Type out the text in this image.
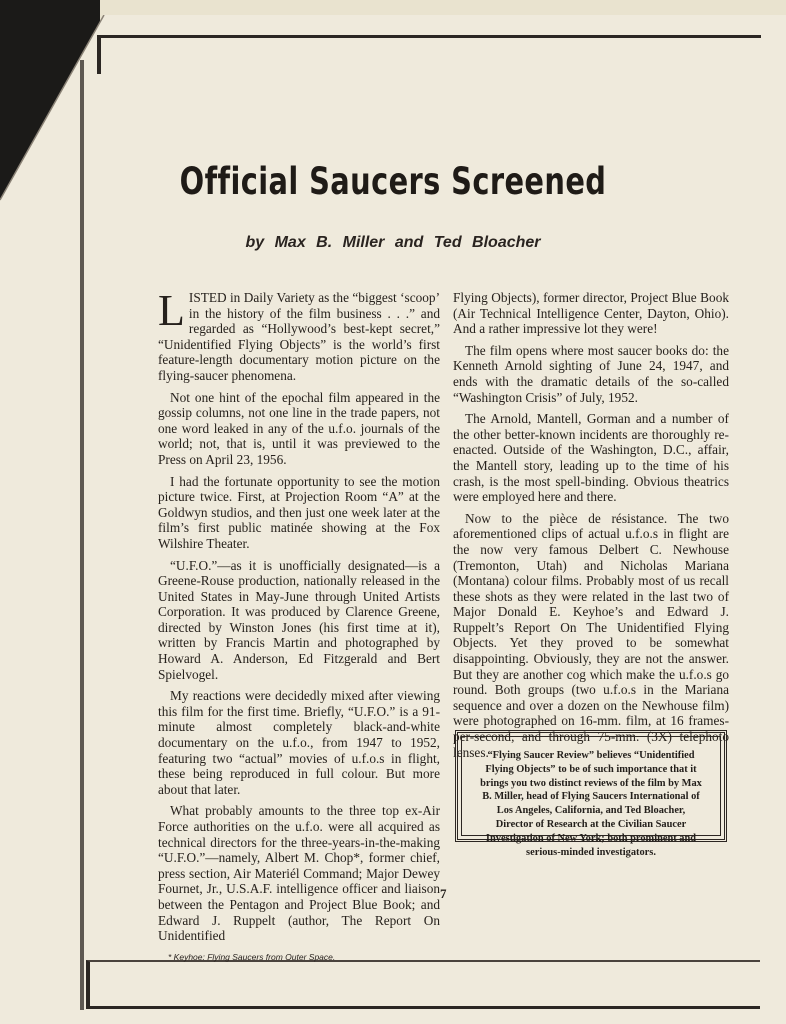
Official Saucers Screened
by Max B. Miller and Ted Bloacher

LISTED in Daily Variety as the “biggest ‘scoop’ in the history of the film business . . .” and regarded as “Hollywood’s best-kept secret,” “Unidentified Flying Objects” is the world’s first feature-length documentary motion picture on the flying-saucer phenomena.

Not one hint of the epochal film appeared in the gossip columns, not one line in the trade papers, not one word leaked in any of the u.f.o. journals of the world; not, that is, until it was previewed to the Press on April 23, 1956.

I had the fortunate opportunity to see the motion picture twice. First, at Projection Room “A” at the Goldwyn studios, and then just one week later at the film’s first public matinée showing at the Fox Wilshire Theater.

“U.F.O.”—as it is unofficially designated—is a Greene-Rouse production, nationally released in the United States in May-June through United Artists Corporation. It was produced by Clarence Greene, directed by Winston Jones (his first time at it), written by Francis Martin and photographed by Howard A. Anderson, Ed Fitzgerald and Bert Spielvogel.

My reactions were decidedly mixed after viewing this film for the first time. Briefly, “U.F.O.” is a 91-minute almost completely black-and-white documentary on the u.f.o., from 1947 to 1952, featuring two “actual” movies of u.f.o.s in flight, these being reproduced in full colour. But more about that later.

What probably amounts to the three top ex-Air Force authorities on the u.f.o. were all acquired as technical directors for the three-years-in-the-making “U.F.O.”—namely, Albert M. Chop*, former chief, press section, Air Materiél Command; Major Dewey Fournet, Jr., U.S.A.F. intelligence officer and liaison between the Pentagon and Project Blue Book; and Edward J. Ruppelt (author, The Report On Unidentified

* Keyhoe: Flying Saucers from Outer Space.

Flying Objects), former director, Project Blue Book (Air Technical Intelligence Center, Dayton, Ohio). And a rather impressive lot they were!

The film opens where most saucer books do: the Kenneth Arnold sighting of June 24, 1947, and ends with the dramatic details of the so-called “Washington Crisis” of July, 1952.

The Arnold, Mantell, Gorman and a number of the other better-known incidents are thoroughly re-enacted. Outside of the Washington, D.C., affair, the Mantell story, leading up to the time of his crash, is the most spell-binding. Obvious theatrics were employed here and there.

Now to the pièce de résistance. The two aforementioned clips of actual u.f.o.s in flight are the now very famous Delbert C. Newhouse (Tremonton, Utah) and Nicholas Mariana (Montana) colour films. Probably most of us recall these shots as they were related in the last two of Major Donald E. Keyhoe’s and Edward J. Ruppelt’s Report On The Unidentified Flying Objects. Yet they proved to be somewhat disappointing. Obviously, they are not the answer. But they are another cog which make the u.f.o.s go round. Both groups (two u.f.o.s in the Mariana sequence and over a dozen on the Newhouse film) were photographed on 16-mm. film, at 16 frames-per-second, and through 75-mm. (3X) telephoto lenses.

“Flying Saucer Review” believes “Unidentified Flying Objects” to be of such importance that it brings you two distinct reviews of the film by Max B. Miller, head of Flying Saucers International of Los Angeles, California, and Ted Bloacher, Director of Research at the Civilian Saucer Investigation of New York; both prominent and serious-minded investigators.
7
